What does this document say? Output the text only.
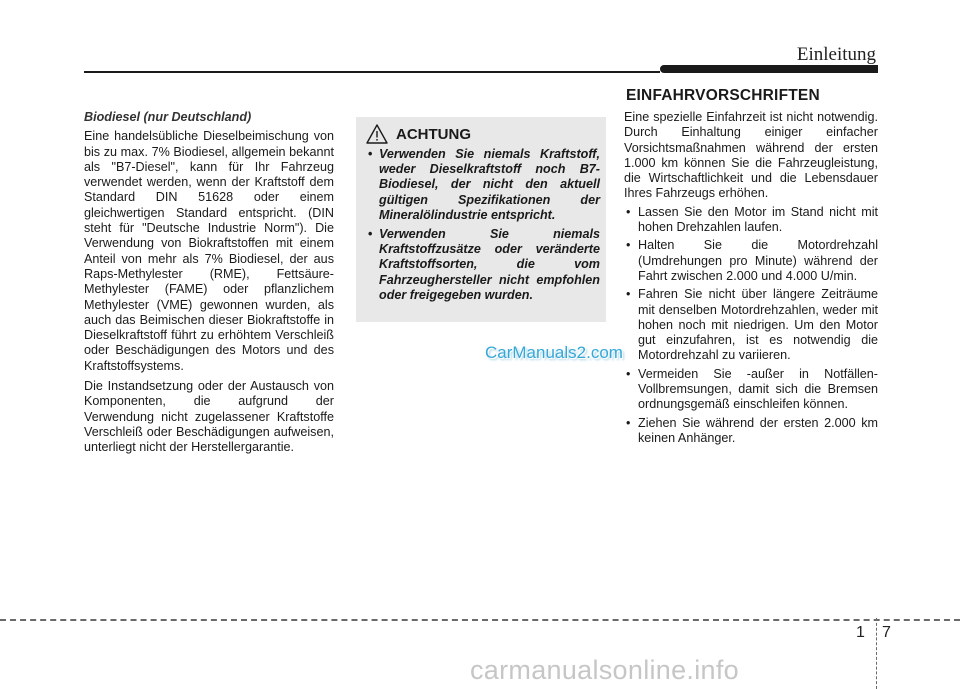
Einleitung
Biodiesel (nur Deutschland)

Eine handelsübliche Dieselbeimischung von bis zu max. 7% Biodiesel, allgemein bekannt als "B7-Diesel", kann für Ihr Fahrzeug verwendet werden, wenn der Kraftstoff dem Standard DIN 51628 oder einem gleichwertigen Standard entspricht. (DIN steht für "Deutsche Industrie Norm"). Die Verwendung von Biokraftstoffen mit einem Anteil von mehr als 7% Biodiesel, der aus Raps-Methylester (RME), Fettsäure-Methylester (FAME) oder pflanzlichem Methylester (VME) gewonnen wurden, als auch das Beimischen dieser Biokraftstoffe in Dieselkraftstoff führt zu erhöhtem Verschleiß oder Beschädigungen des Motors und des Kraftstoffsystems.

Die Instandsetzung oder der Austausch von Komponenten, die aufgrund der Verwendung nicht zugelassener Kraftstoffe Verschleiß oder Beschädigungen aufweisen, unterliegt nicht der Herstellergarantie.

ACHTUNG
• Verwenden Sie niemals Kraftstoff, weder Dieselkraftstoff noch B7-Biodiesel, der nicht den aktuell gültigen Spezifikationen der Mineralölindustrie entspricht.
• Verwenden Sie niemals Kraftstoffzusätze oder veränderte Kraftstoffsorten, die vom Fahrzeughersteller nicht empfohlen oder freigegeben wurden.
EINFAHRVORSCHRIFTEN

Eine spezielle Einfahrzeit ist nicht notwendig. Durch Einhaltung einiger einfacher Vorsichtsmaßnahmen während der ersten 1.000 km können Sie die Fahrzeugleistung, die Wirtschaftlichkeit und die Lebensdauer Ihres Fahrzeugs erhöhen.

• Lassen Sie den Motor im Stand nicht mit hohen Drehzahlen laufen.
• Halten Sie die Motordrehzahl (Umdrehungen pro Minute) während der Fahrt zwischen 2.000 und 4.000 U/min.
• Fahren Sie nicht über längere Zeiträume mit denselben Motordrehzahlen, weder mit hohen noch mit niedrigen. Um den Motor gut einzufahren, ist es notwendig die Motordrehzahl zu variieren.
• Vermeiden Sie -außer in Notfällen- Vollbremsungen, damit sich die Bremsen ordnungsgemäß einschleifen können.
• Ziehen Sie während der ersten 2.000 km keinen Anhänger.
CarManuals2.com
1 7
carmanualsonline.info
